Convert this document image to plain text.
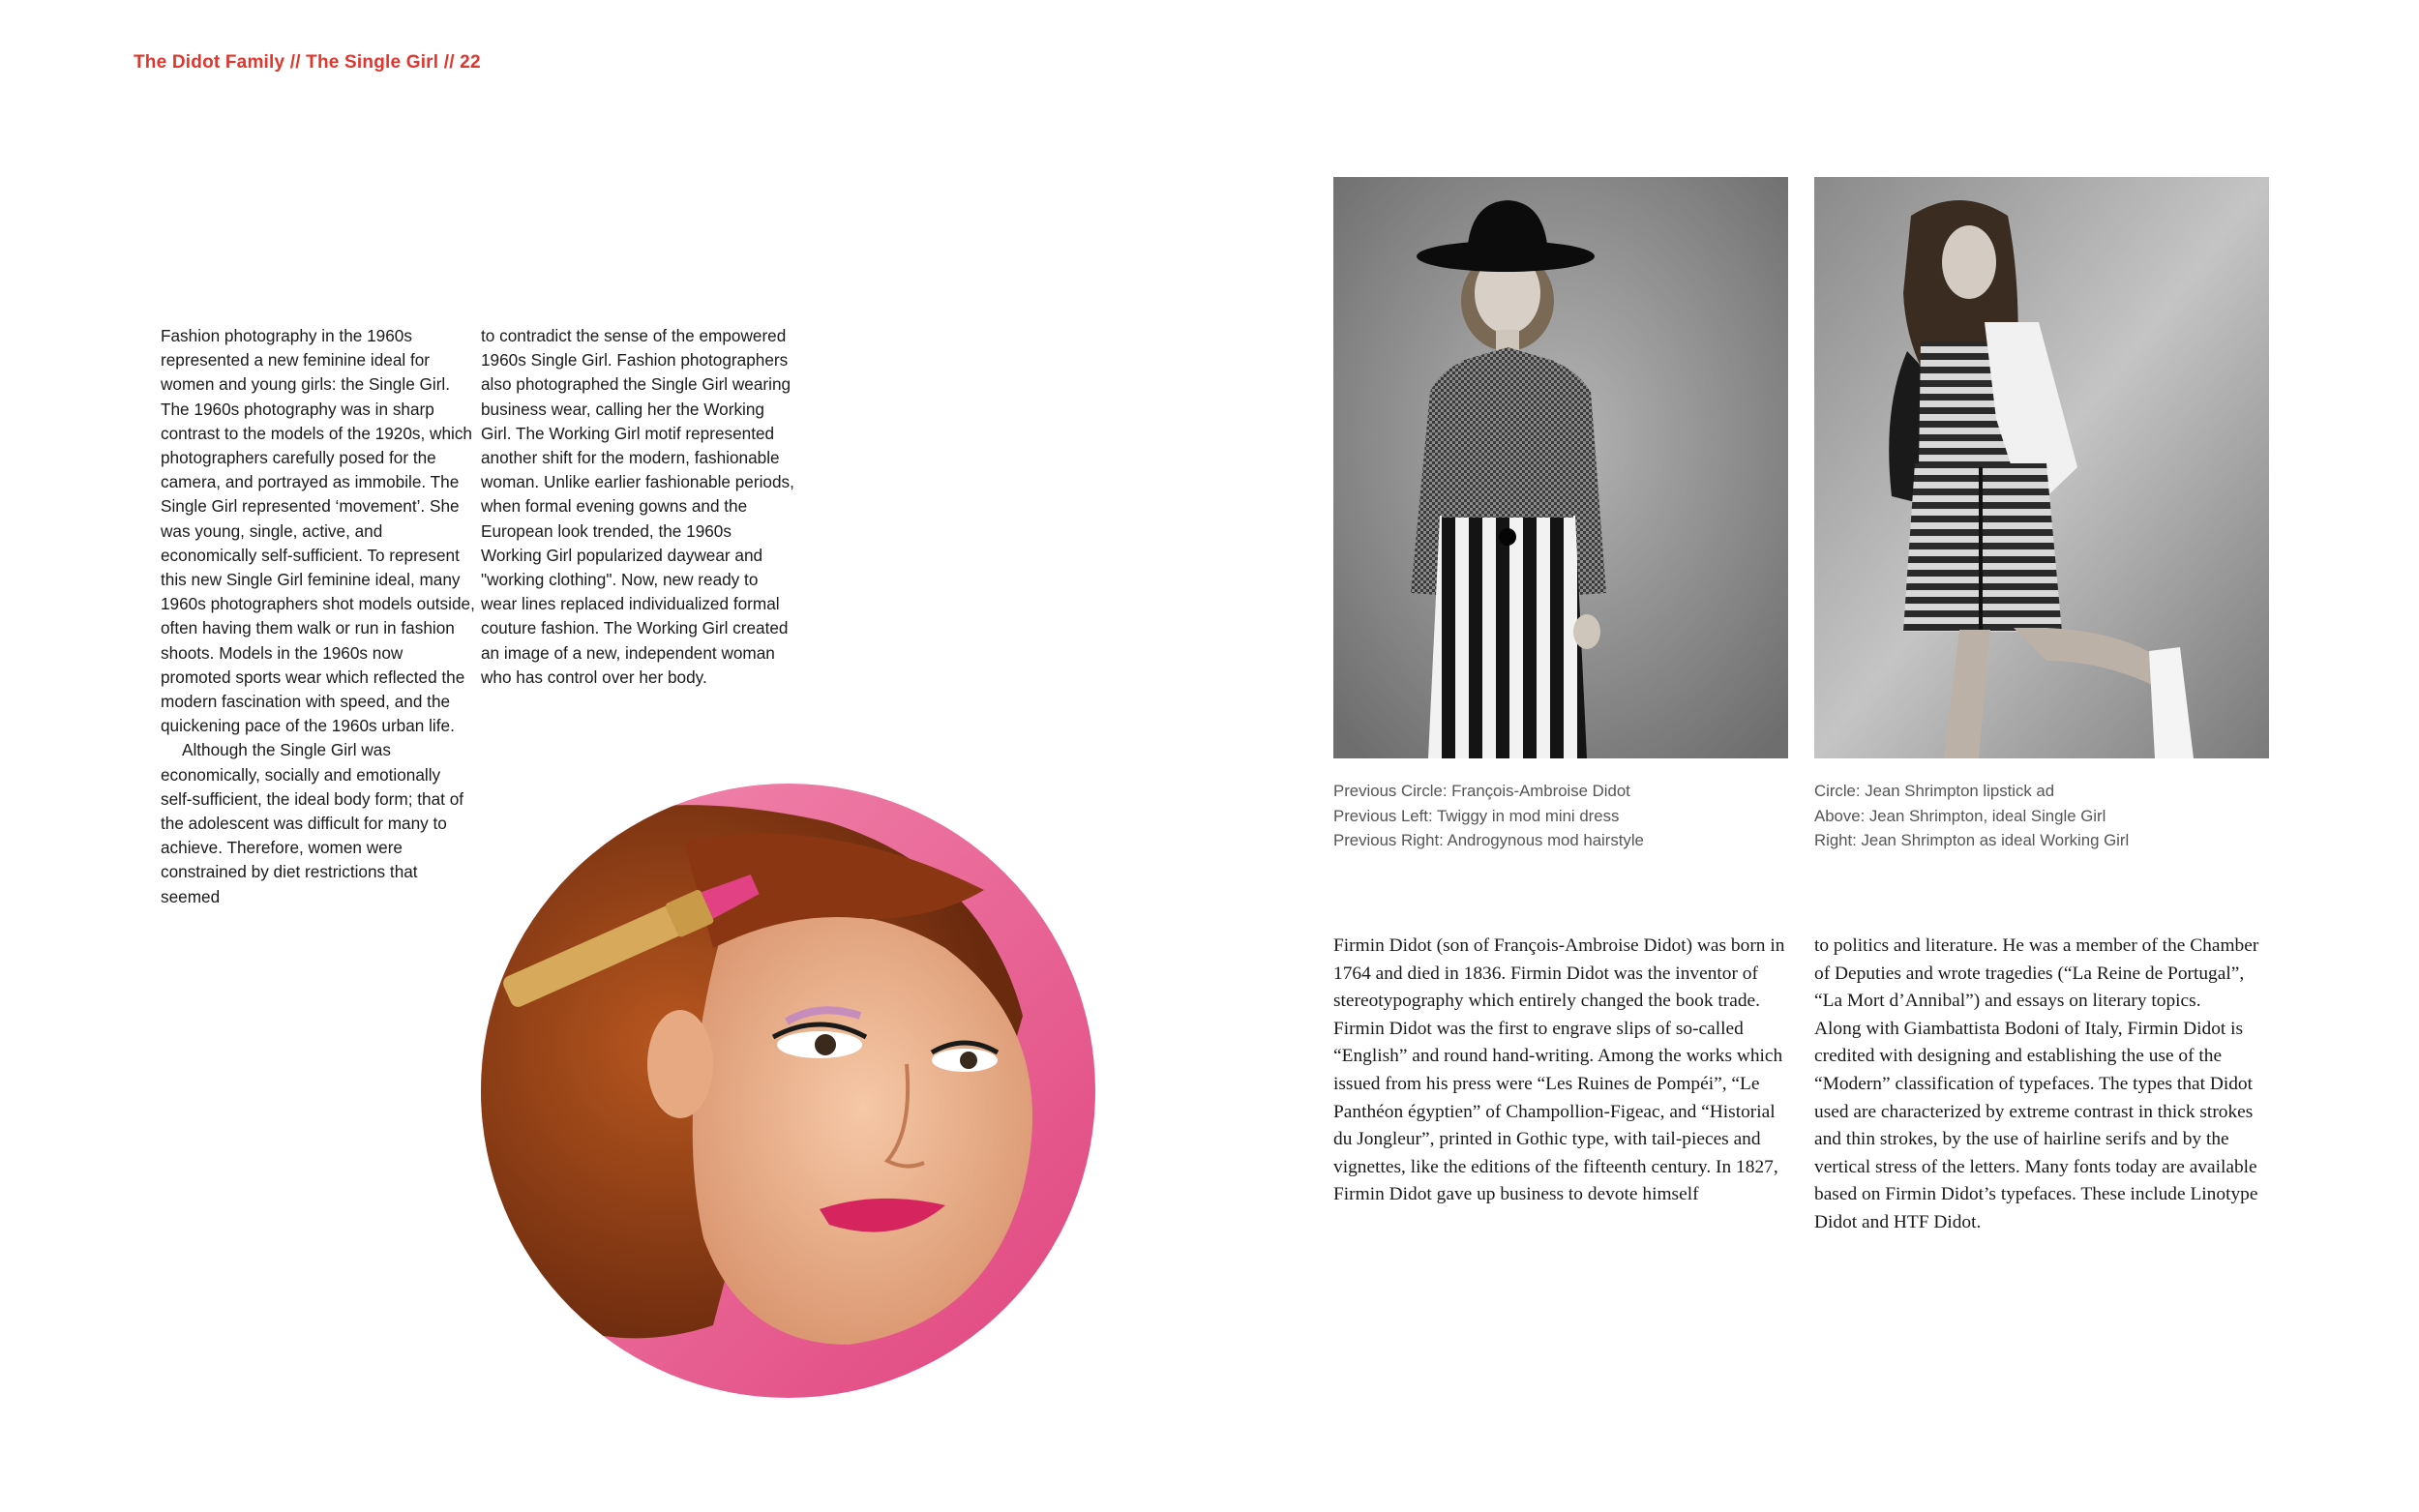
The Didot Family // The Single Girl // 22

Fashion photography in the 1960s represented a new feminine ideal for women and young girls: the Single Girl. The 1960s photography was in sharp contrast to the models of the 1920s, which photographers carefully posed for the camera, and portrayed as immobile. The Single Girl represented ‘movement’. She was young, single, active, and economically self-sufficient. To represent this new Single Girl feminine ideal, many 1960s photographers shot models outside, often having them walk or run in fashion shoots. Models in the 1960s now promoted sports wear which reflected the modern fascination with speed, and the quickening pace of the 1960s urban life.

Although the Single Girl was economically, socially and emotionally self-sufficient, the ideal body form; that of the adolescent was difficult for many to achieve. Therefore, women were constrained by diet restrictions that seemed

to contradict the sense of the empowered 1960s Single Girl. Fashion photographers also photographed the Single Girl wearing business wear, calling her the Working Girl. The Working Girl motif represented another shift for the modern, fashionable woman. Unlike earlier fashionable periods, when formal evening gowns and the European look trended, the 1960s Working Girl popularized daywear and "working clothing". Now, new ready to wear lines replaced individualized formal couture fashion. The Working Girl created an image of a new, independent woman who has control over her body.

Previous Circle: François-Ambroise Didot
Previous Left: Twiggy in mod mini dress
Previous Right: Androgynous mod hairstyle
Circle: Jean Shrimpton lipstick ad
Above: Jean Shrimpton, ideal Single Girl
Right: Jean Shrimpton as ideal Working Girl

Firmin Didot (son of François-Ambroise Didot) was born in 1764 and died in 1836. Firmin Didot was the inventor of stereotypography which entirely changed the book trade. Firmin Didot was the first to engrave slips of so-called “English” and round hand-writing. Among the works which issued from his press were “Les Ruines de Pompéi”, “Le Panthéon égyptien” of Champollion-Figeac, and “Historial du Jongleur”, printed in Gothic type, with tail-pieces and vignettes, like the editions of the fifteenth century. In 1827, Firmin Didot gave up business to devote himself

to politics and literature. He was a member of the Chamber of Deputies and wrote tragedies (“La Reine de Portugal”, “La Mort d’Annibal”) and essays on literary topics.

Along with Giambattista Bodoni of Italy, Firmin Didot is credited with designing and establishing the use of the “Modern” classification of typefaces. The types that Didot used are characterized by extreme contrast in thick strokes and thin strokes, by the use of hairline serifs and by the vertical stress of the letters. Many fonts today are available based on Firmin Didot’s typefaces. These include Linotype Didot and HTF Didot.
